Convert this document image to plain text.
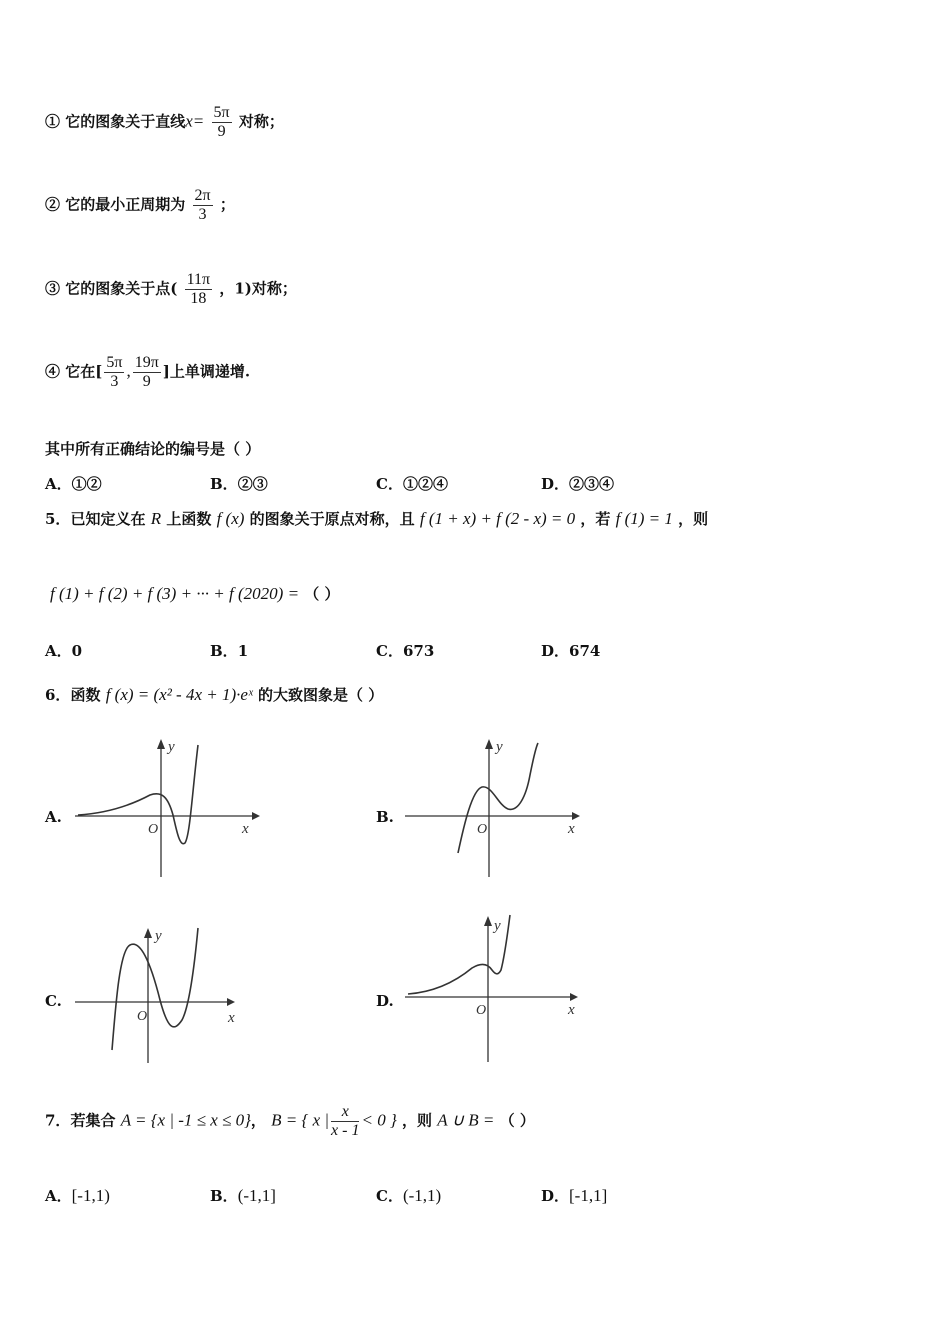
① 它的图象关于直线$x= \frac{5\pi}{9}$ 对称；
② 它的最小正周期为 $\frac{2\pi}{3}$ ；
③ 它的图象关于点( $\frac{11\pi}{18}$ ，1)对称；
④ 它在[ $\frac{5\pi}{3}$ , $\frac{19\pi}{9}$ ]上单调递增.
其中所有正确结论的编号是（ ）
A．①②	B．②③	C．①②④	D．②③④
5．已知定义在 R 上函数 f (x) 的图象关于原点对称，且 f (1 + x) + f (2 - x) = 0 ，若 f (1) = 1 ，则
f (1) + f (2) + f (3) + ··· + f (2020) = （ ）
A．0	B．1	C．673	D．674
6．函数 f (x) = (x² - 4x + 1)·eˣ 的大致图象是（ ）
A.
x
y
O
B.
x
y
O
C.
x
y
O
D.	x
y
O
7．若集合 A = {x | -1 ≤ x ≤ 0}， B = { x | $\frac{x}{x - 1} < 0$ } ，则 A ∪ B = （ ）
A．[-1,1)	B．(-1,1]	C．(-1,1)	D．[-1,1]
